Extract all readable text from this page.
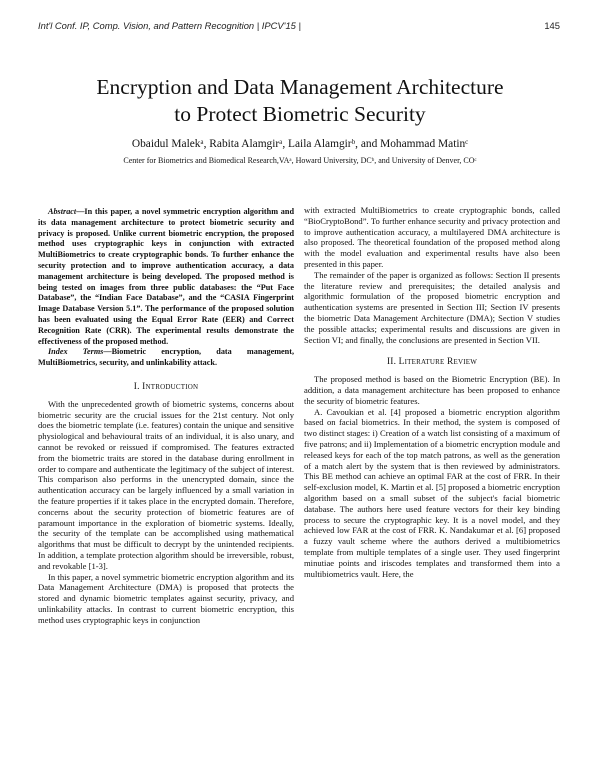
Int'l Conf. IP, Comp. Vision, and Pattern Recognition | IPCV'15 |	145
Encryption and Data Management Architecture
to Protect Biometric Security
Obaidul Malekᵃ, Rabita Alamgirᵃ, Laila Alamgirᵇ, and Mohammad Matinᶜ
Center for Biometrics and Biomedical Research,VAᵃ, Howard University, DCᵇ, and University of Denver, COᶜ

Abstract—In this paper, a novel symmetric encryption algorithm and its data management architecture to protect biometric security and privacy is proposed. Unlike current biometric encryption, the proposed method uses cryptographic keys in conjunction with extracted MultiBiometrics to create cryptographic bonds. To further enhance the security protection and to improve authentication accuracy, a data management architecture is being developed. The proposed method is being tested on images from three public databases: the “Put Face Database”, the “Indian Face Database”, and the “CASIA Fingerprint Image Database Version 5.1”. The performance of the proposed solution has been evaluated using the Equal Error Rate (EER) and Correct Recognition Rate (CRR). The experimental results demonstrate the effectiveness of the proposed method.

Index Terms—Biometric encryption, data management, MultiBiometrics, security, and unlinkability attack.

I. Introduction

With the unprecedented growth of biometric systems, concerns about biometric security are the crucial issues for the 21st century. Not only does the biometric template (i.e. features) contain the unique and sensitive physiological and behavioural traits of an individual, it is also unary, and cannot be revoked or reissued if compromised. The features extracted from the biometric traits are stored in the database during enrollment in order to compare and authenticate the legitimacy of the subject of interest. This comparison also performs in the unencrypted domain, since the authentication accuracy can be largely influenced by a small variation in the feature properties if it takes place in the encrypted domain. Therefore, concerns about the security protection of biometric features are of paramount importance in the exploration of biometric systems. Ideally, the security of the template can be accomplished using mathematical algorithms that must be difficult to decrypt by the unintended recipients. In addition, a template protection algorithm should be irreversible, robust, and revokable [1-3].

In this paper, a novel symmetric biometric encryption algorithm and its Data Management Architecture (DMA) is proposed that protects the stored and dynamic biometric templates against security, privacy, and unlinkability attacks. In contrast to current biometric encryption, this method uses cryptographic keys in conjunction

with extracted MultiBiometrics to create cryptographic bonds, called “BioCryptoBond”. To further enhance security and privacy protection and to improve authentication accuracy, a multilayered DMA architecture is also proposed. The theoretical foundation of the proposed method along with the model evaluation and experimental results have also been presented in this paper.

The remainder of the paper is organized as follows: Section II presents the literature review and prerequisites; the detailed analysis and algorithmic formulation of the proposed biometric encryption and authentication systems are presented in Section III; Section IV presents the biometric Data Management Architecture (DMA); Section V studies the possible attacks; experimental results and discussions are given in Section VI; and finally, the conclusions are presented in Section VII.

II. Literature Review

The proposed method is based on the Biometric Encryption (BE). In addition, a data management architecture has been proposed to enhance the security of biometric features.

A. Cavoukian et al. [4] proposed a biometric encryption algorithm based on facial biometrics. In their method, the system is composed of two distinct stages: i) Creation of a watch list consisting of a maximum of five patrons; and ii) Implementation of a biometric encryption module and released keys for each of the top match patrons, as well as the generation of a match alert by the system that is then reviewed by administrators. This BE method can achieve an optimal FAR at the cost of FRR. In their self-exclusion model, K. Martin et al. [5] proposed a biometric encryption algorithm based on a small subset of the subject's facial biometric database. The authors here used feature vectors for their key binding process to secure the cryptographic key. It is a novel model, and they achieved low FAR at the cost of FRR. K. Nandakumar et al. [6] proposed a fuzzy vault scheme where the authors derived a multibiometrics template from multiple templates of a single user. They used fingerprint minutiae points and iriscodes templates and transformed them into a multibiometrics vault. Here, the
